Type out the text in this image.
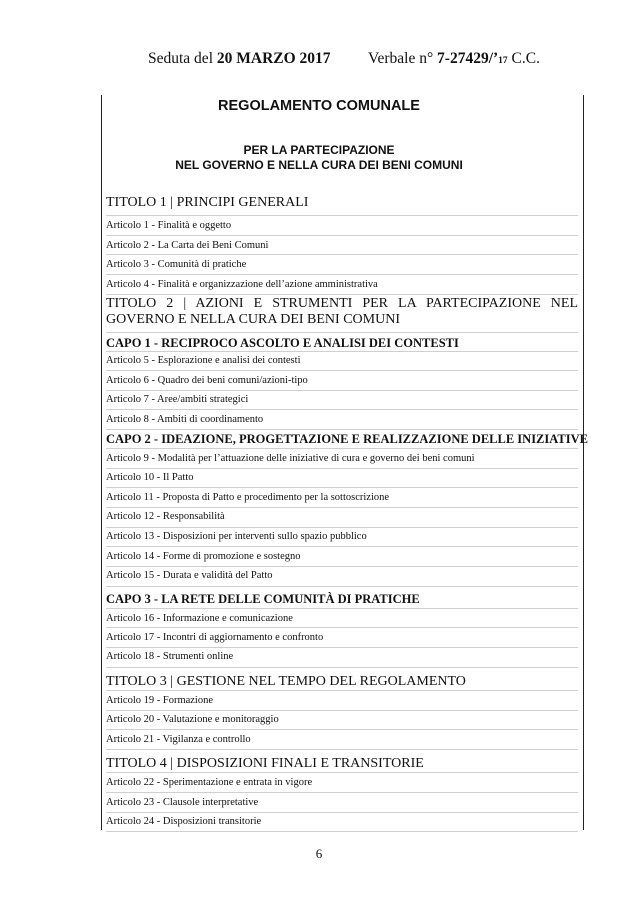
Seduta del 20 MARZO 2017 Verbale n° 7-27429/’17 C.C.
REGOLAMENTO COMUNALE
PER LA PARTECIPAZIONE
NEL GOVERNO E NELLA CURA DEI BENI COMUNI
TITOLO 1 | PRINCIPI GENERALI
Articolo 1 - Finalità e oggetto
Articolo 2 - La Carta dei Beni Comuni
Articolo 3 - Comunità di pratiche
Articolo 4 - Finalità e organizzazione dell’azione amministrativa
TITOLO 2 | AZIONI E STRUMENTI PER LA PARTECIPAZIONE NEL GOVERNO E NELLA CURA DEI BENI COMUNI
CAPO 1 - RECIPROCO ASCOLTO E ANALISI DEI CONTESTI
Articolo 5 - Esplorazione e analisi dei contesti
Articolo 6 - Quadro dei beni comuni/azioni-tipo
Articolo 7 - Aree/ambiti strategici
Articolo 8 - Ambiti di coordinamento
CAPO 2 - IDEAZIONE, PROGETTAZIONE E REALIZZAZIONE DELLE INIZIATIVE
Articolo 9 - Modalità per l’attuazione delle iniziative di cura e governo dei beni comuni
Articolo 10 - Il Patto
Articolo 11 - Proposta di Patto e procedimento per la sottoscrizione
Articolo 12 - Responsabilità
Articolo 13 - Disposizioni per interventi sullo spazio pubblico
Articolo 14 - Forme di promozione e sostegno
Articolo 15 - Durata e validità del Patto
CAPO 3 - LA RETE DELLE COMUNITÀ DI PRATICHE
Articolo 16 - Informazione e comunicazione
Articolo 17 - Incontri di aggiornamento e confronto
Articolo 18 - Strumenti online
TITOLO 3 | GESTIONE NEL TEMPO DEL REGOLAMENTO
Articolo 19 - Formazione
Articolo 20 - Valutazione e monitoraggio
Articolo 21 - Vigilanza e controllo
TITOLO 4 | DISPOSIZIONI FINALI E TRANSITORIE
Articolo 22 - Sperimentazione e entrata in vigore
Articolo 23 - Clausole interpretative
Articolo 24 - Disposizioni transitorie
6
